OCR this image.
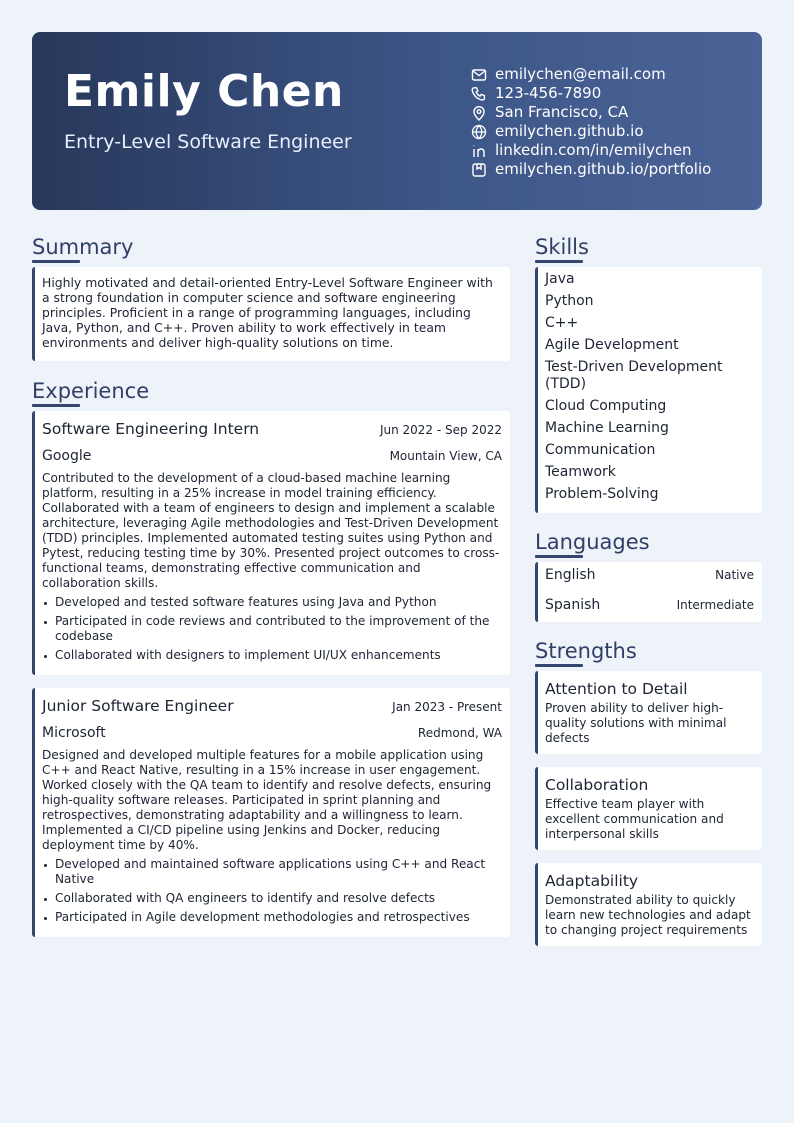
Emily Chen
Entry-Level Software Engineer
emilychen@email.com
123-456-7890
San Francisco, CA
emilychen.github.io
linkedin.com/in/emilychen
emilychen.github.io/portfolio
Summary
Highly motivated and detail-oriented Entry-Level Software Engineer with a strong foundation in computer science and software engineering principles. Proficient in a range of programming languages, including Java, Python, and C++. Proven ability to work effectively in team environments and deliver high-quality solutions on time.
Experience
Software Engineering Intern	Jun 2022 - Sep 2022
Google	Mountain View, CA
Contributed to the development of a cloud-based machine learning platform, resulting in a 25% increase in model training efficiency. Collaborated with a team of engineers to design and implement a scalable architecture, leveraging Agile methodologies and Test-Driven Development (TDD) principles. Implemented automated testing suites using Python and Pytest, reducing testing time by 30%. Presented project outcomes to cross-functional teams, demonstrating effective communication and collaboration skills.
Developed and tested software features using Java and Python
Participated in code reviews and contributed to the improvement of the codebase
Collaborated with designers to implement UI/UX enhancements
Junior Software Engineer	Jan 2023 - Present
Microsoft	Redmond, WA
Designed and developed multiple features for a mobile application using C++ and React Native, resulting in a 15% increase in user engagement. Worked closely with the QA team to identify and resolve defects, ensuring high-quality software releases. Participated in sprint planning and retrospectives, demonstrating adaptability and a willingness to learn. Implemented a CI/CD pipeline using Jenkins and Docker, reducing deployment time by 40%.
Developed and maintained software applications using C++ and React Native
Collaborated with QA engineers to identify and resolve defects
Participated in Agile development methodologies and retrospectives
Skills
Java
Python
C++
Agile Development
Test-Driven Development (TDD)
Cloud Computing
Machine Learning
Communication
Teamwork
Problem-Solving
Languages
English	Native
Spanish	Intermediate
Strengths
Attention to Detail
Proven ability to deliver high-quality solutions with minimal defects
Collaboration
Effective team player with excellent communication and interpersonal skills
Adaptability
Demonstrated ability to quickly learn new technologies and adapt to changing project requirements
